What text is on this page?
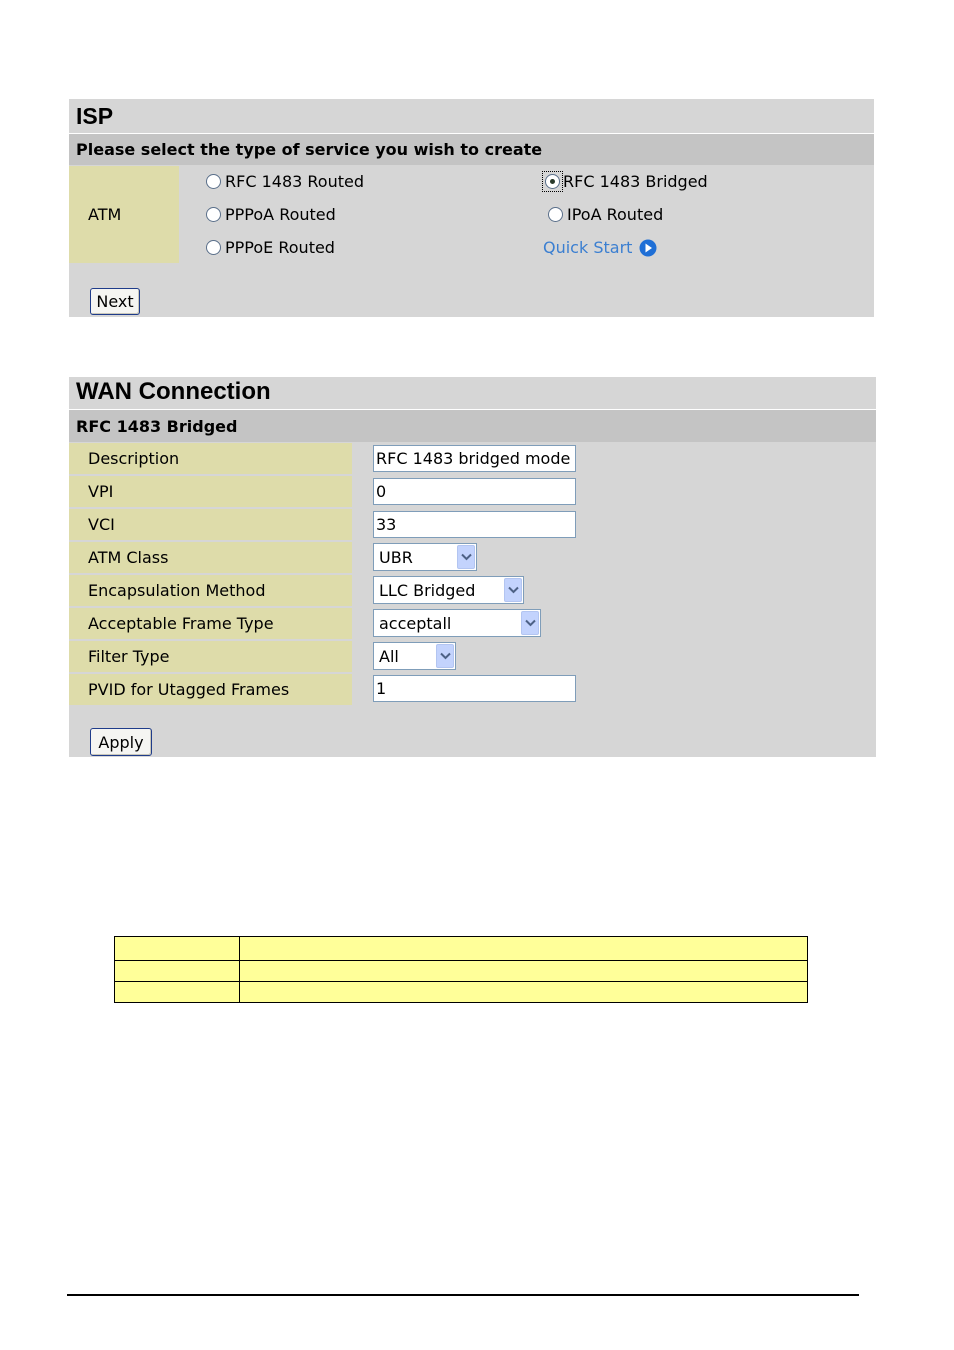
ISP
Please select the type of service you wish to create
ATM
RFC 1483 Routed	RFC 1483 Bridged
PPPoA Routed	IPoA Routed
PPPoE Routed	Quick Start
Next
WAN Connection
RFC 1483 Bridged
Description	RFC 1483 bridged mode
VPI	0
VCI	33
ATM Class	UBR
Encapsulation Method	LLC Bridged
Acceptable Frame Type	acceptall
Filter Type	All
PVID for Utagged Frames	1
Apply
